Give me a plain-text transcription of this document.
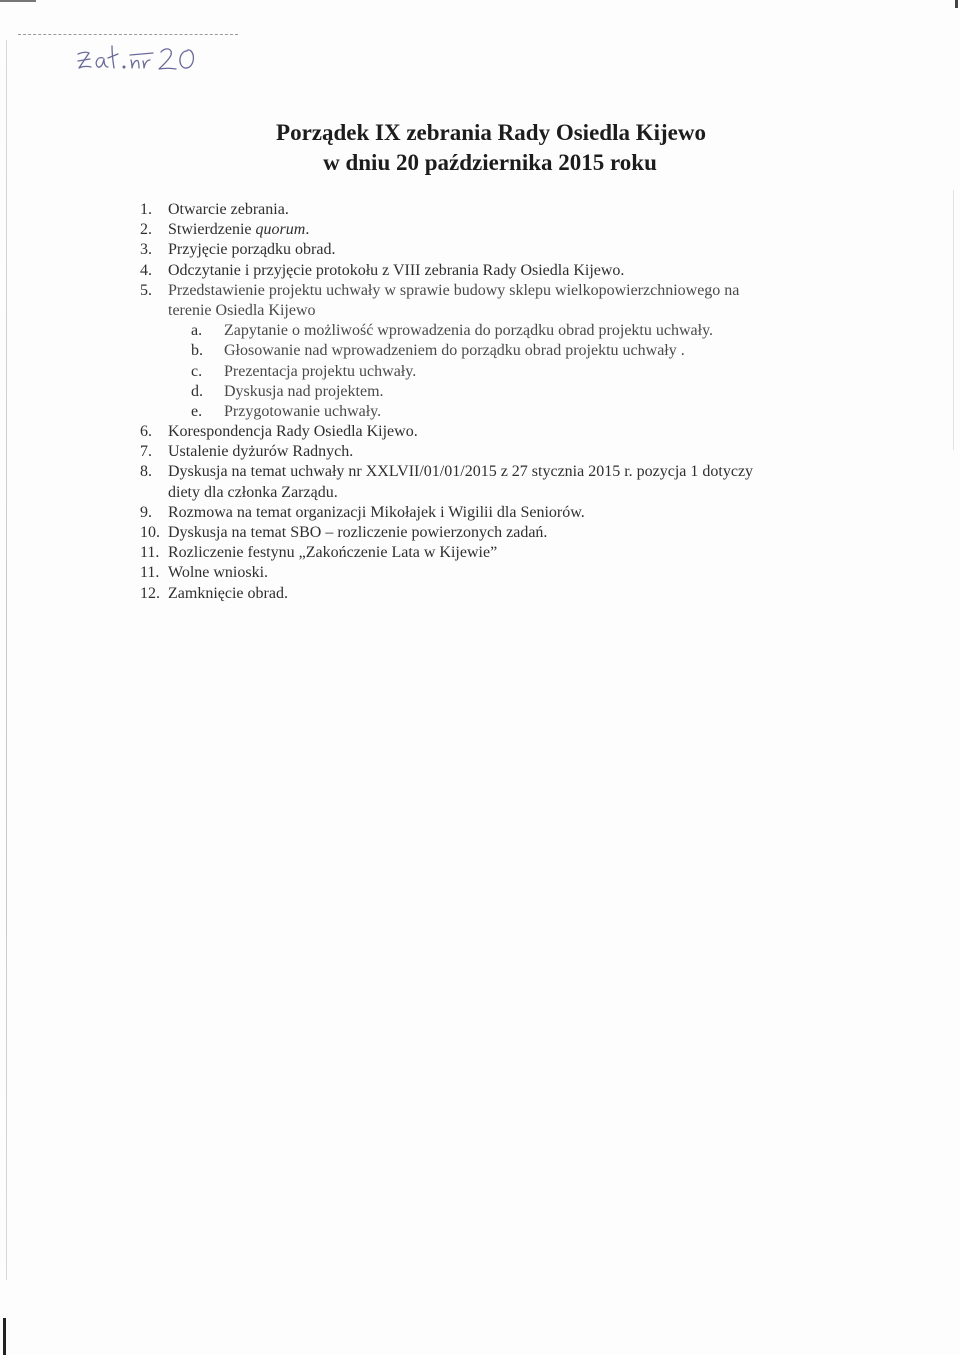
Porządek IX zebrania Rady Osiedla Kijewo
w dniu 20 października 2015 roku
1.	Otwarcie zebrania.
2.	Stwierdzenie quorum.
3.	Przyjęcie porządku obrad.
4.	Odczytanie i przyjęcie protokołu z VIII zebrania Rady Osiedla Kijewo.
5.	Przedstawienie projektu uchwały w sprawie budowy sklepu wielkopowierzchniowego na
terenie Osiedla Kijewo
a.	Zapytanie o możliwość wprowadzenia do porządku obrad projektu uchwały.
b.	Głosowanie nad wprowadzeniem do porządku obrad projektu uchwały .
c.	Prezentacja projektu uchwały.
d.	Dyskusja nad projektem.
e.	Przygotowanie uchwały.
6.	Korespondencja Rady Osiedla Kijewo.
7.	Ustalenie dyżurów Radnych.
8.	Dyskusja na temat uchwały nr XXLVII/01/01/2015 z 27 stycznia 2015 r. pozycja 1 dotyczy
diety dla członka Zarządu.
9.	Rozmowa na temat organizacji Mikołajek i Wigilii dla Seniorów.
10. Dyskusja na temat SBO – rozliczenie powierzonych zadań.
11. Rozliczenie festynu „Zakończenie Lata w Kijewie”
11. Wolne wnioski.
12. Zamknięcie obrad.
